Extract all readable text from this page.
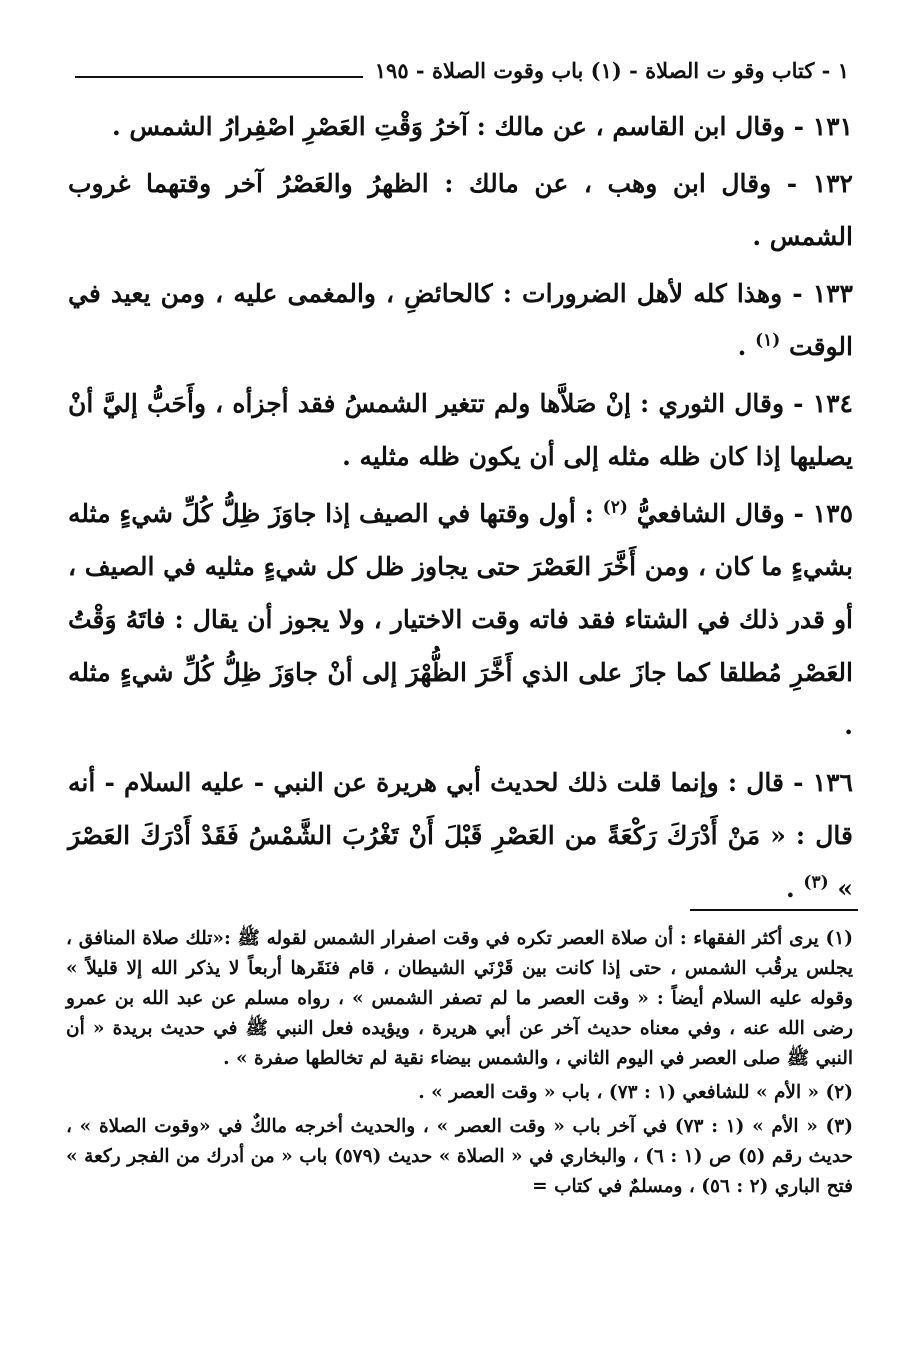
١ - كتاب وقو ت الصلاة - (١) باب وقوت الصلاة - ١٩٥

١٣١ - وقال ابن القاسم ، عن مالك : آخرُ وَقْتِ العَصْرِ اصْفِرارُ الشمس .

١٣٢ - وقال ابن وهب ، عن مالك : الظهرُ والعَصْرُ آخر وقتهما غروب الشمس .

١٣٣ - وهذا كله لأهل الضرورات : كالحائضِ ، والمغمى عليه ، ومن يعيد في الوقت $^{(١)}$ .

١٣٤ - وقال الثوري : إنْ صَلاَّها ولم تتغير الشمسُ فقد أجزأه ، وأَحَبُّ إليَّ أنْ يصليها إذا كان ظله مثله إلى أن يكون ظله مثليه .

١٣٥ - وقال الشافعيُّ $^{(٢)}$ : أول وقتها في الصيف إذا جاوَزَ ظِلُّ كُلِّ شيءٍ مثله بشيءٍ ما كان ، ومن أَخَّرَ العَصْرَ حتى يجاوز ظل كل شيءٍ مثليه في الصيف ، أو قدر ذلك في الشتاء فقد فاته وقت الاختيار ، ولا يجوز أن يقال : فاتَهُ وَقْتُ العَصْرِ مُطلقا كما جازَ على الذي أَخَّرَ الظُّهْرَ إلى أنْ جاوَزَ ظِلُّ كُلِّ شيءٍ مثله .

١٣٦ - قال : وإنما قلت ذلك لحديث أبي هريرة عن النبي - عليه السلام - أنه قال : « مَنْ أَدْرَكَ رَكْعَةً من العَصْرِ قَبْلَ أَنْ تَغْرُبَ الشَّمْسُ فَقَدْ أَدْرَكَ العَصْرَ » $^{(٣)}$ .

(١) يرى أكثر الفقهاء : أن صلاة العصر تكره في وقت اصفرار الشمس لقوله ﷺ :«تلك صلاة المنافق ، يجلس يرقُب الشمس ، حتى إذا كانت بين قَرْنَي الشيطان ، قام فنَقَرها أربعاً لا يذكر الله إلا قليلاً » وقوله عليه السلام أيضاً : « وقت العصر ما لم تصفر الشمس » ، رواه مسلم عن عبد الله بن عمرو رضى الله عنه ، وفي معناه حديث آخر عن أبي هريرة ، ويؤيده فعل النبي ﷺ في حديث بريدة « أن النبي ﷺ صلى العصر في اليوم الثاني ، والشمس بيضاء نقية لم تخالطها صفرة » .

(٢) « الأم » للشافعي (١ : ٧٣) ، باب « وقت العصر » .

(٣) « الأم » (١ : ٧٣) في آخر باب « وقت العصر » ، والحديث أخرجه مالكٌ في «وقوت الصلاة » ، حديث رقم (٥) ص (١ : ٦) ، والبخاري في « الصلاة » حديث (٥٧٩) باب « من أدرك من الفجر ركعة » فتح الباري (٢ : ٥٦) ، ومسلمٌ في كتاب =
